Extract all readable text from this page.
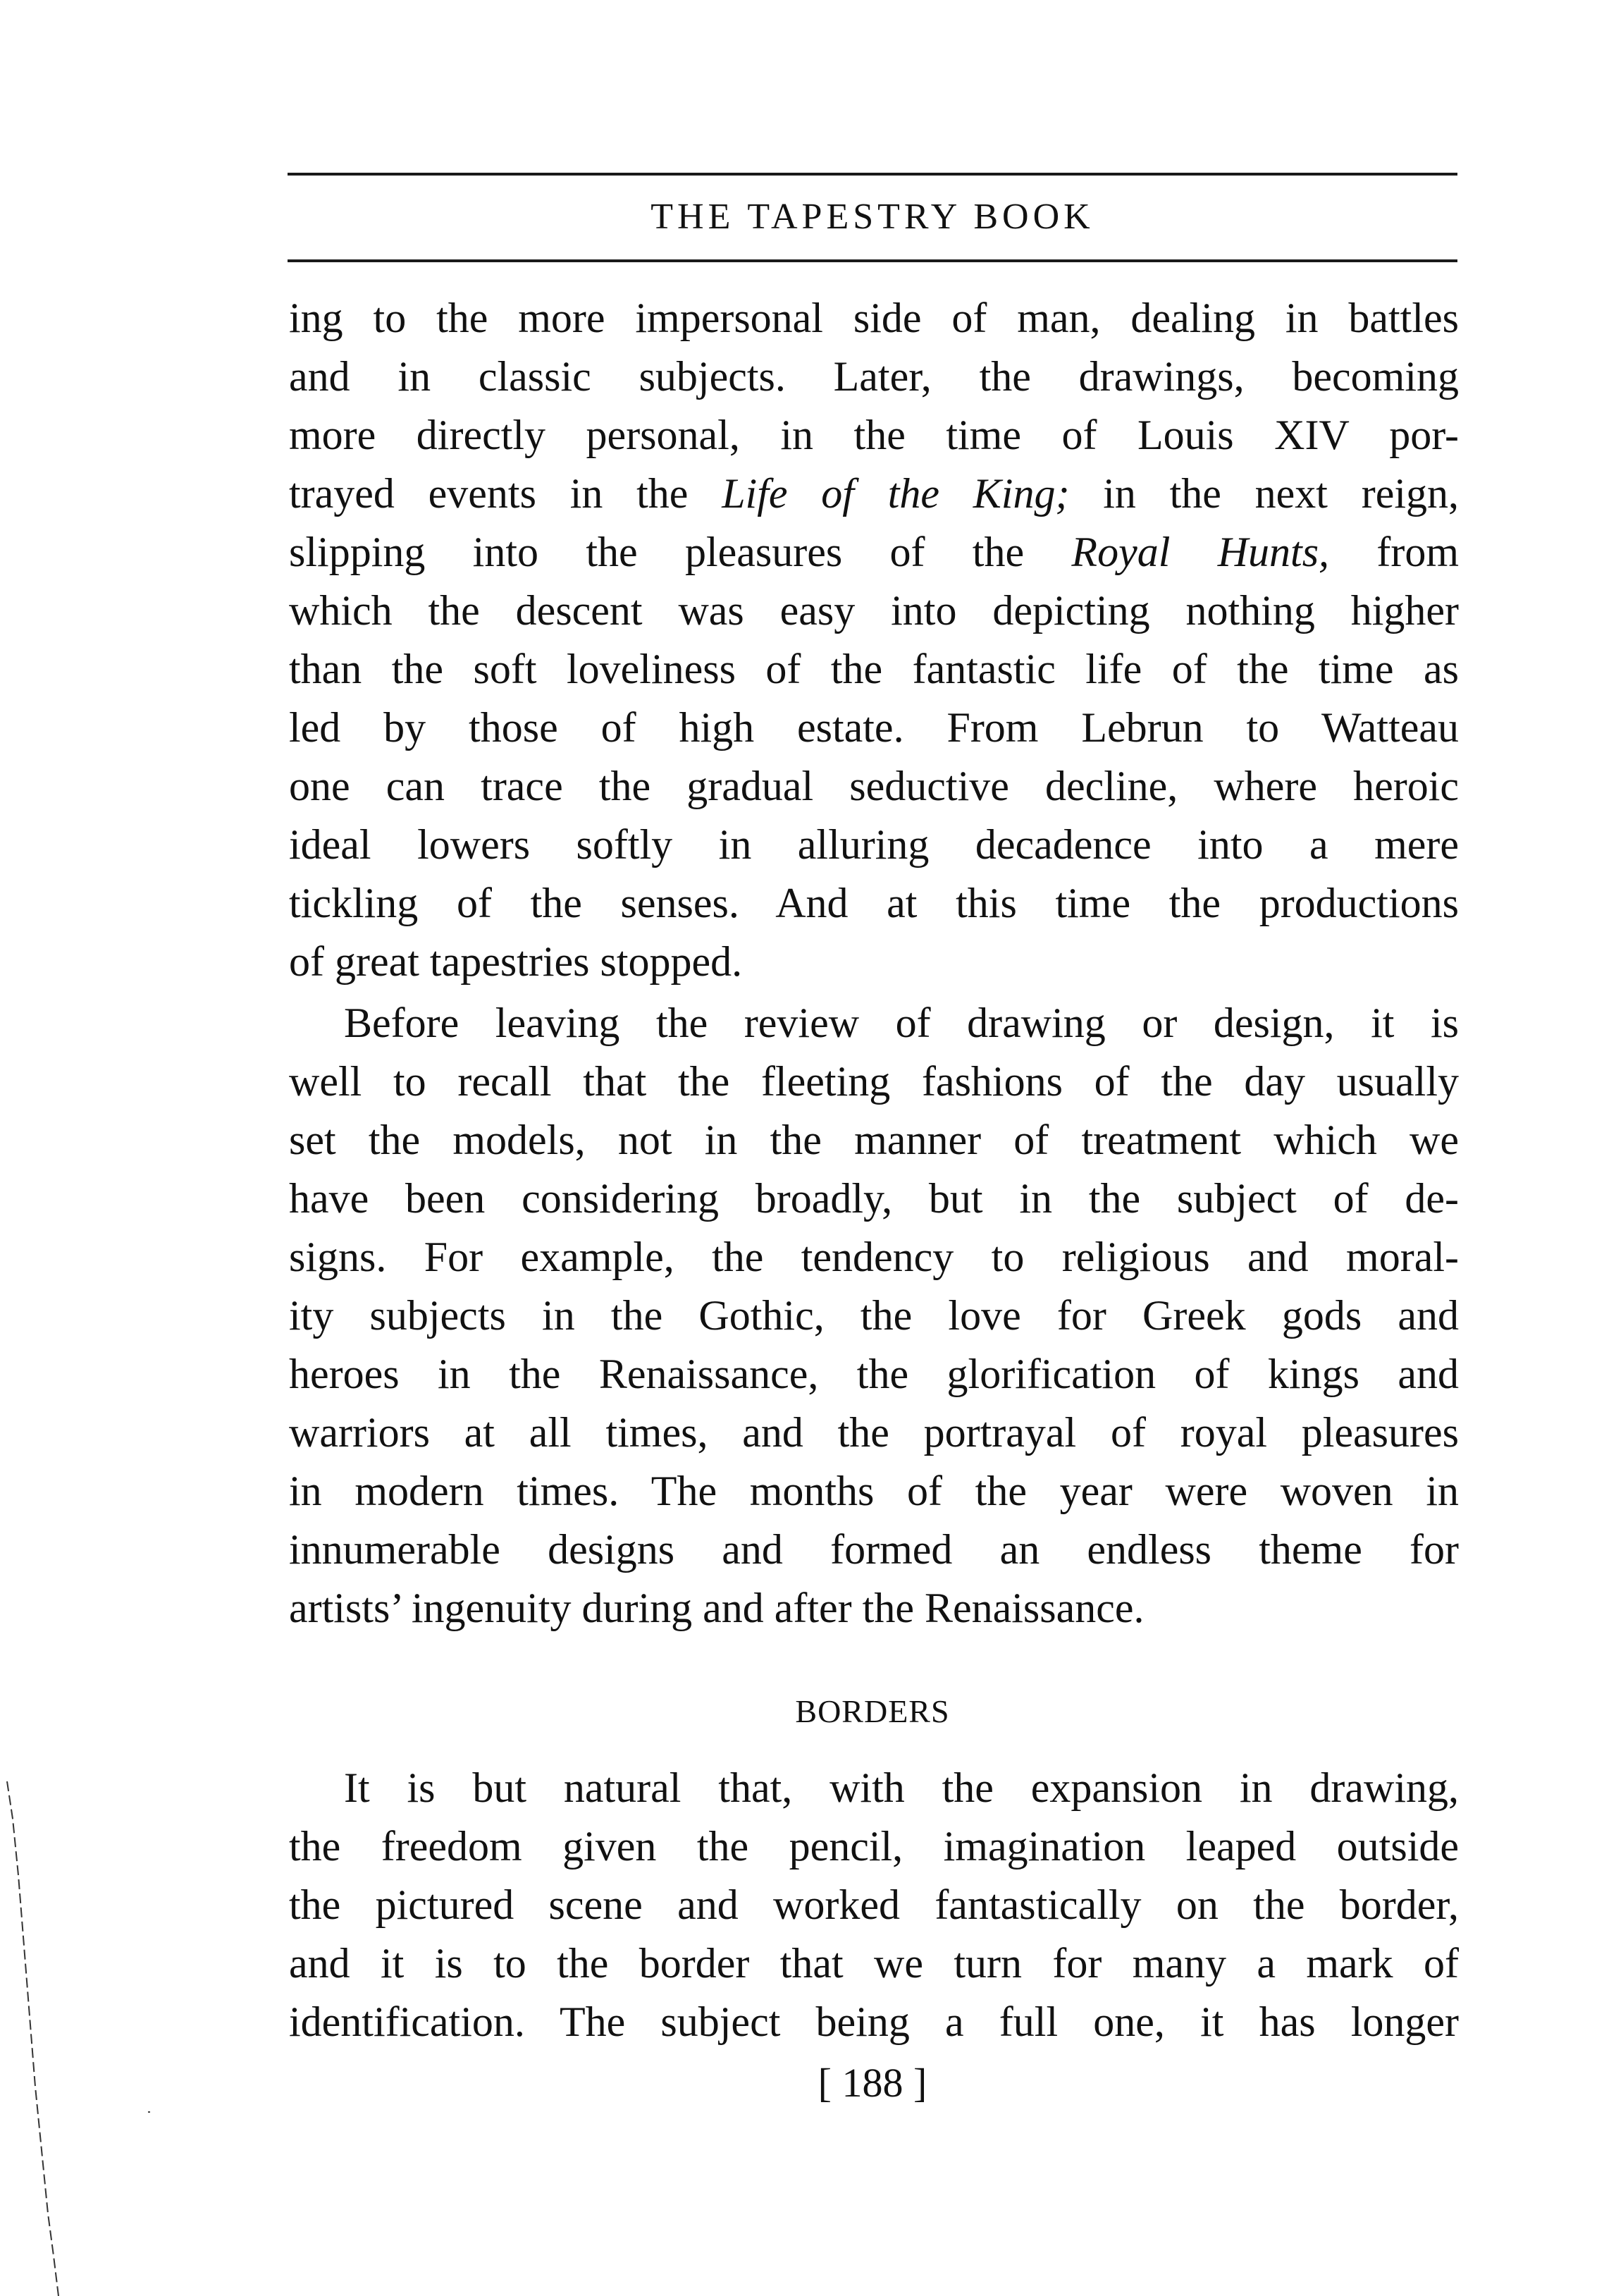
THE TAPESTRY BOOK
ing to the more impersonal side of man, dealing in battles
and in classic subjects. Later, the drawings, becoming
more directly personal, in the time of Louis XIV por-
trayed events in the Life of the King; in the next reign,
slipping into the pleasures of the Royal Hunts, from
which the descent was easy into depicting nothing higher
than the soft loveliness of the fantastic life of the time as
led by those of high estate. From Lebrun to Watteau
one can trace the gradual seductive decline, where heroic
ideal lowers softly in alluring decadence into a mere
tickling of the senses. And at this time the productions
of great tapestries stopped.
Before leaving the review of drawing or design, it is
well to recall that the fleeting fashions of the day usually
set the models, not in the manner of treatment which we
have been considering broadly, but in the subject of de-
signs. For example, the tendency to religious and moral-
ity subjects in the Gothic, the love for Greek gods and
heroes in the Renaissance, the glorification of kings and
warriors at all times, and the portrayal of royal pleasures
in modern times. The months of the year were woven in
innumerable designs and formed an endless theme for
artists’ ingenuity during and after the Renaissance.
BORDERS
It is but natural that, with the expansion in drawing,
the freedom given the pencil, imagination leaped outside
the pictured scene and worked fantastically on the border,
and it is to the border that we turn for many a mark of
identification. The subject being a full one, it has longer
[ 188 ]
